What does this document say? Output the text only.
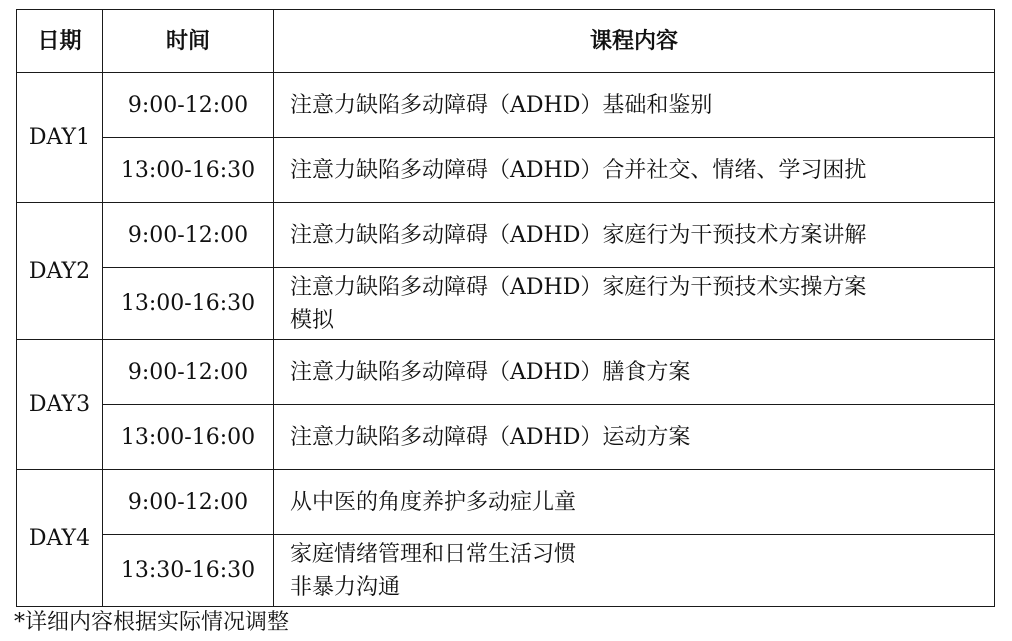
日期	时间	课程内容
DAY1	9:00-12:00	注意力缺陷多动障碍（ADHD）基础和鉴别

	13:00-16:30	注意力缺陷多动障碍（ADHD）合并社交、情绪、学习困扰

DAY2	9:00-12:00	注意力缺陷多动障碍（ADHD）家庭行为干预技术方案讲解

	13:00-16:30	注意力缺陷多动障碍（ADHD）家庭行为干预技术实操方案
模拟

DAY3	9:00-12:00	注意力缺陷多动障碍（ADHD）膳食方案

	13:00-16:00	注意力缺陷多动障碍（ADHD）运动方案

DAY4	9:00-12:00	从中医的角度养护多动症儿童

	13:30-16:30	家庭情绪管理和日常生活习惯
非暴力沟通
*详细内容根据实际情况调整
